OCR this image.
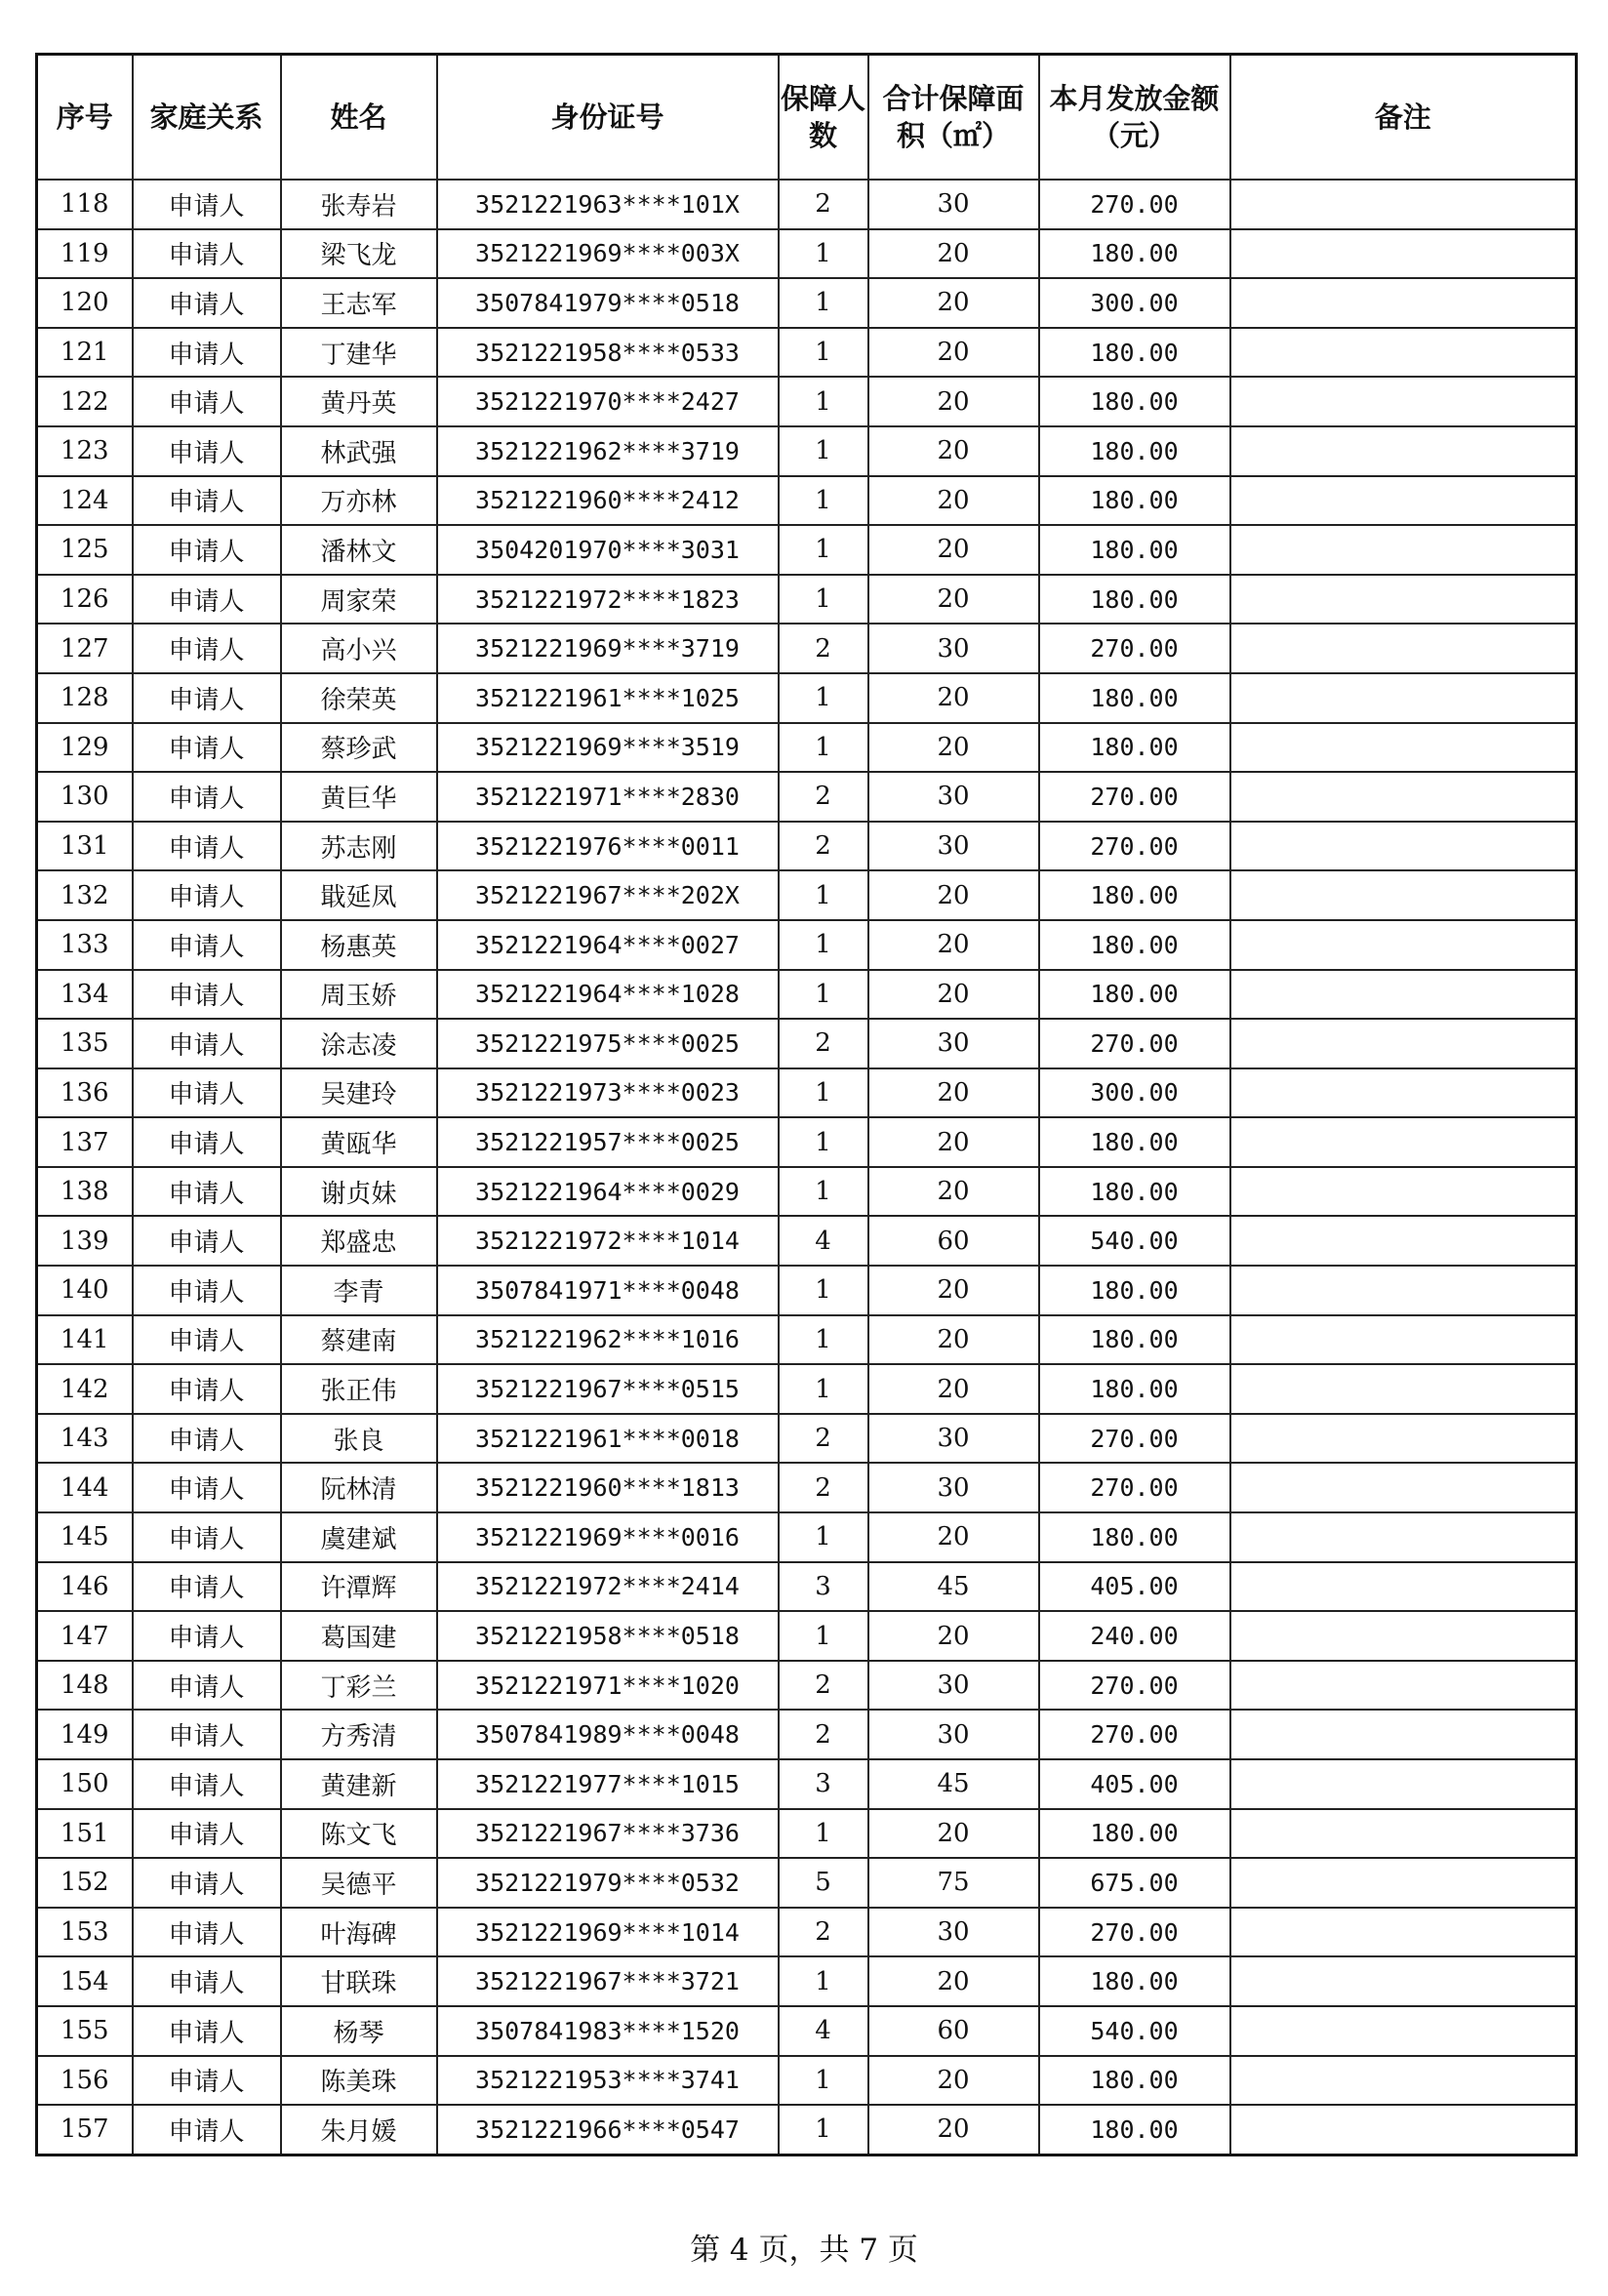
序号	家庭关系	姓名	身份证号	保障人数	合计保障面积（㎡）	本月发放金额（元）	备注
118	申请人	张寿岩	3521221963****101X	2	30	270.00	
119	申请人	梁飞龙	3521221969****003X	1	20	180.00	
120	申请人	王志军	3507841979****0518	1	20	300.00	
121	申请人	丁建华	3521221958****0533	1	20	180.00	
122	申请人	黄丹英	3521221970****2427	1	20	180.00	
123	申请人	林武强	3521221962****3719	1	20	180.00	
124	申请人	万亦林	3521221960****2412	1	20	180.00	
125	申请人	潘林文	3504201970****3031	1	20	180.00	
126	申请人	周家荣	3521221972****1823	1	20	180.00	
127	申请人	高小兴	3521221969****3719	2	30	270.00	
128	申请人	徐荣英	3521221961****1025	1	20	180.00	
129	申请人	蔡珍武	3521221969****3519	1	20	180.00	
130	申请人	黄巨华	3521221971****2830	2	30	270.00	
131	申请人	苏志刚	3521221976****0011	2	30	270.00	
132	申请人	戢延凤	3521221967****202X	1	20	180.00	
133	申请人	杨惠英	3521221964****0027	1	20	180.00	
134	申请人	周玉娇	3521221964****1028	1	20	180.00	
135	申请人	涂志凌	3521221975****0025	2	30	270.00	
136	申请人	吴建玲	3521221973****0023	1	20	300.00	
137	申请人	黄瓯华	3521221957****0025	1	20	180.00	
138	申请人	谢贞妹	3521221964****0029	1	20	180.00	
139	申请人	郑盛忠	3521221972****1014	4	60	540.00	
140	申请人	李青	3507841971****0048	1	20	180.00	
141	申请人	蔡建南	3521221962****1016	1	20	180.00	
142	申请人	张正伟	3521221967****0515	1	20	180.00	
143	申请人	张良	3521221961****0018	2	30	270.00	
144	申请人	阮林清	3521221960****1813	2	30	270.00	
145	申请人	虞建斌	3521221969****0016	1	20	180.00	
146	申请人	许潭辉	3521221972****2414	3	45	405.00	
147	申请人	葛国建	3521221958****0518	1	20	240.00	
148	申请人	丁彩兰	3521221971****1020	2	30	270.00	
149	申请人	方秀清	3507841989****0048	2	30	270.00	
150	申请人	黄建新	3521221977****1015	3	45	405.00	
151	申请人	陈文飞	3521221967****3736	1	20	180.00	
152	申请人	吴德平	3521221979****0532	5	75	675.00	
153	申请人	叶海碑	3521221969****1014	2	30	270.00	
154	申请人	甘联珠	3521221967****3721	1	20	180.00	
155	申请人	杨琴	3507841983****1520	4	60	540.00	
156	申请人	陈美珠	3521221953****3741	1	20	180.00	
157	申请人	朱月媛	3521221966****0547	1	20	180.00	
第 4 页，共 7 页
